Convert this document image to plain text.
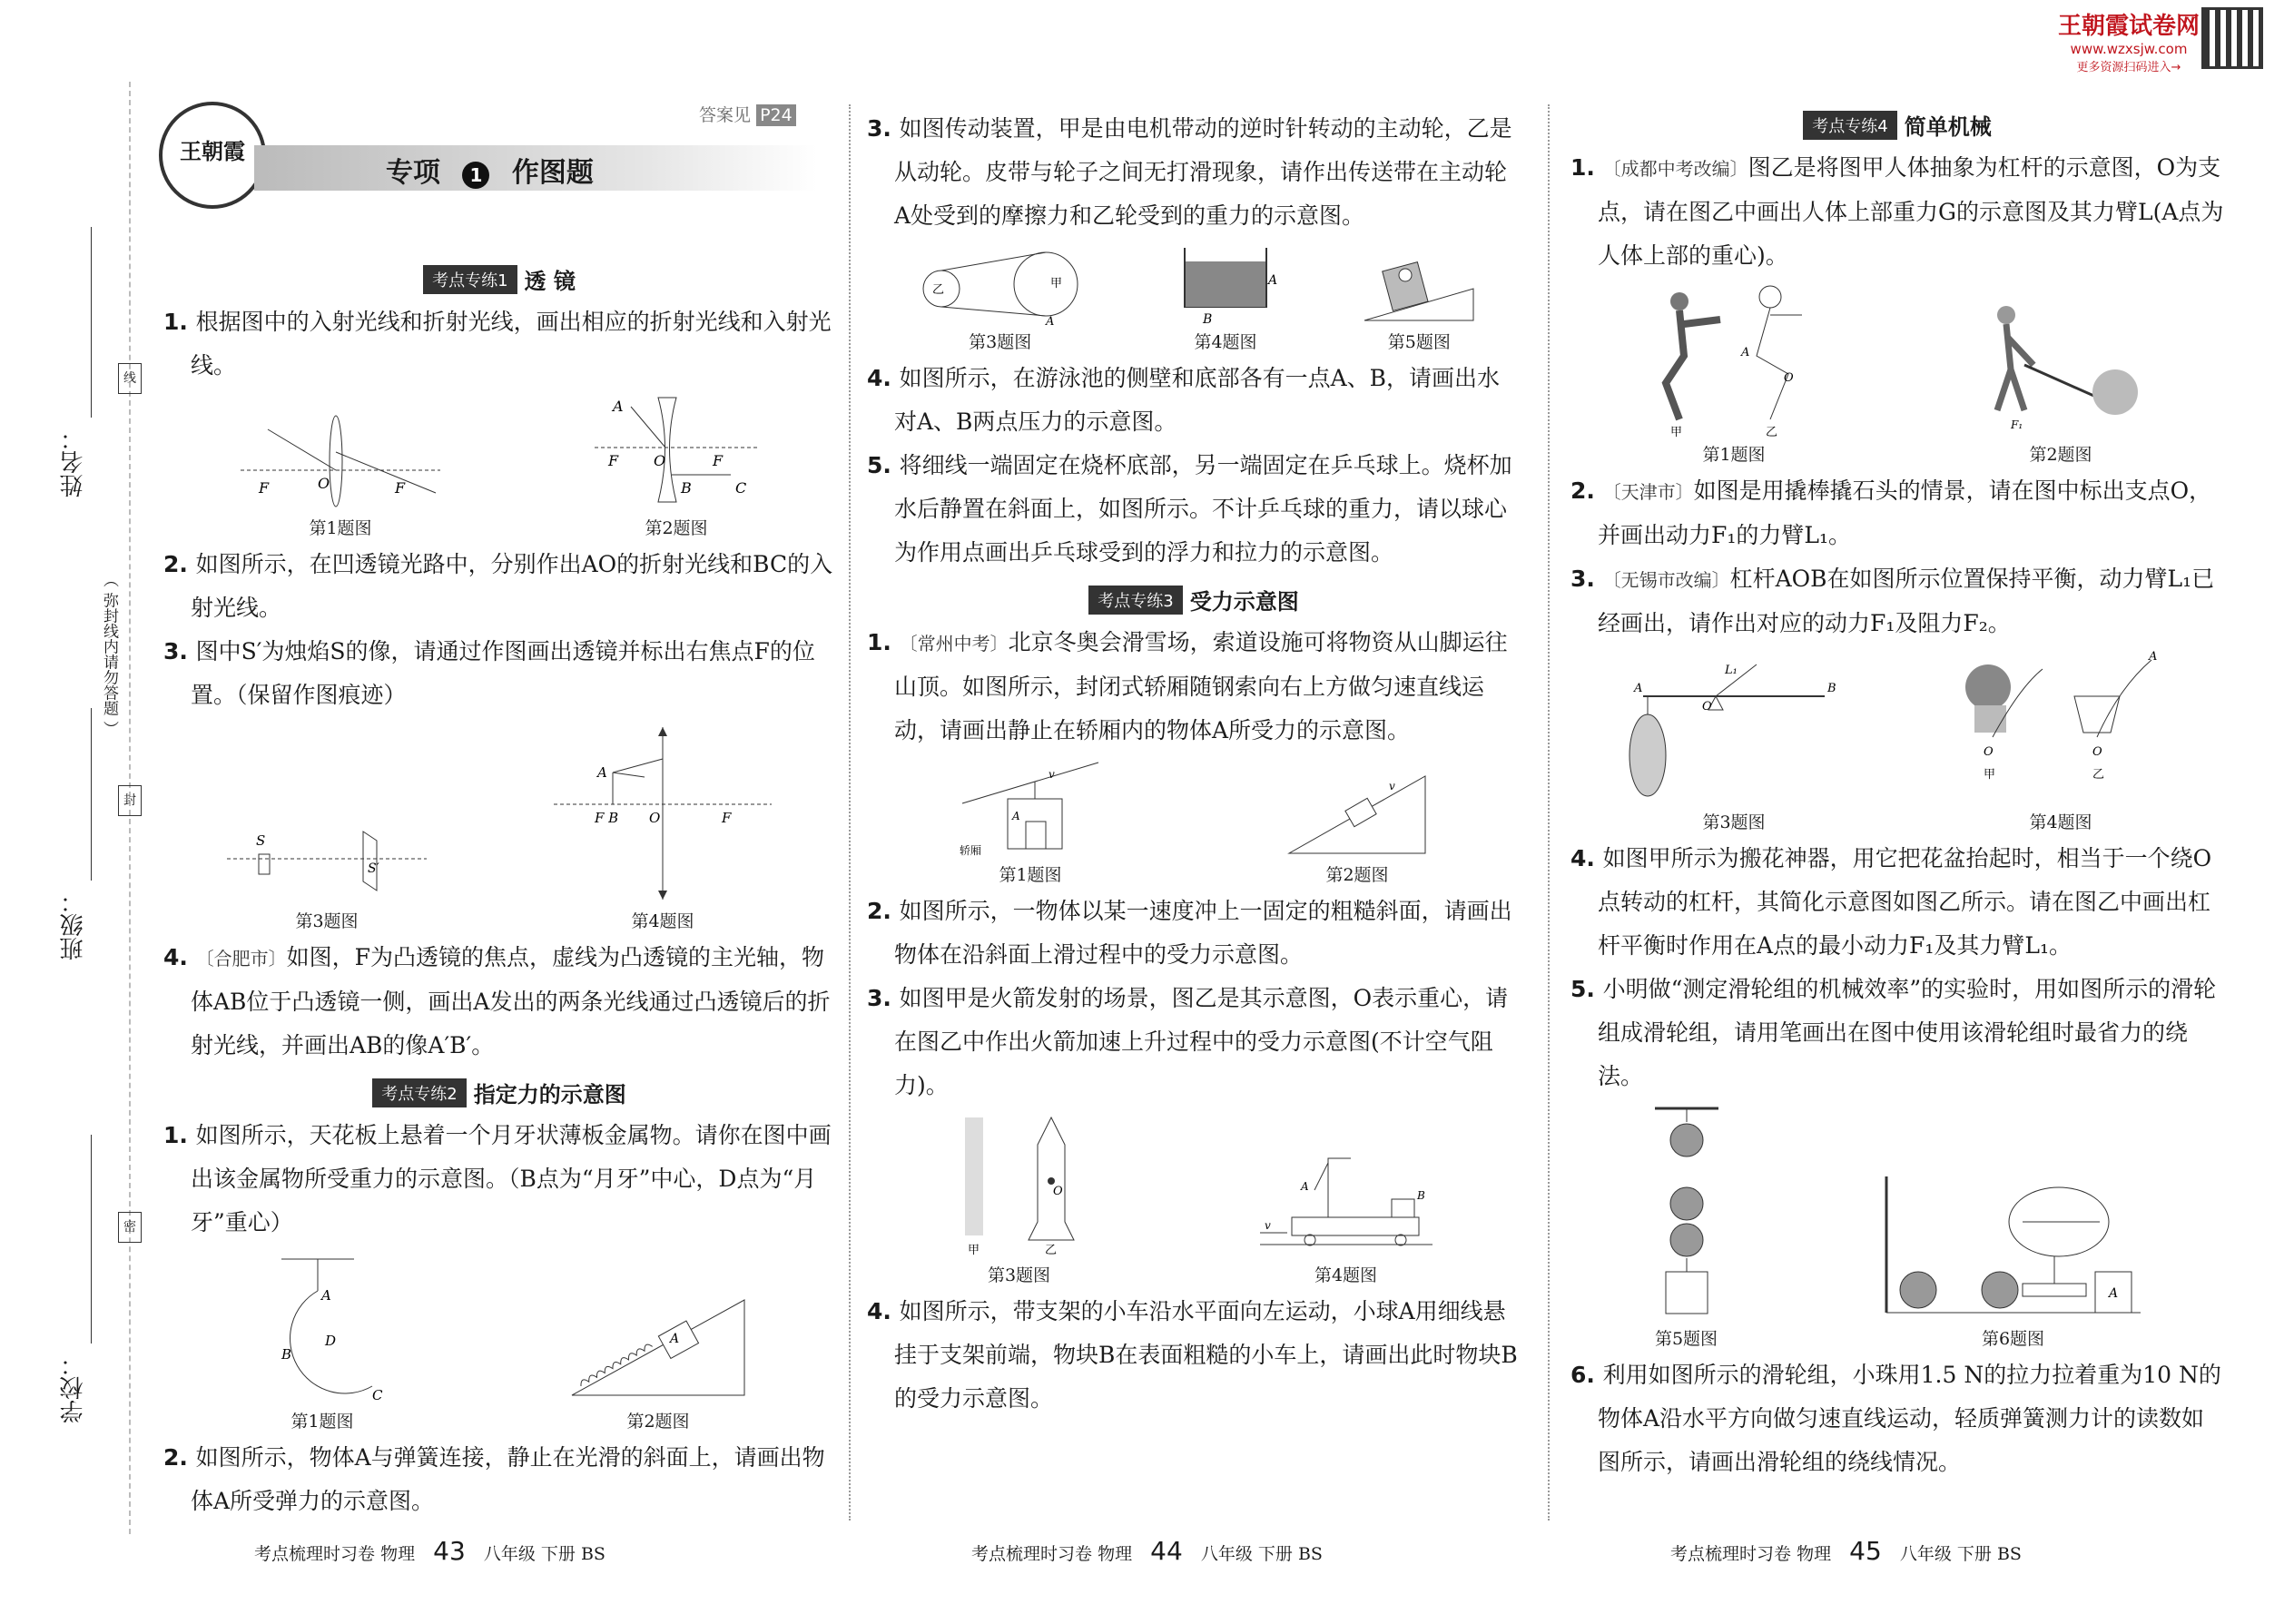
王朝霞试卷网
www.wzxsjw.com
更多资源扫码进入→
姓名：
班级：
学校：
（ 弥封线内请勿答题 ）
线
封
密
王朝霞
答案见 P24
专项 1 作图题
考点专练1 透 镜

1. 根据图中的入射光线和折射光线，画出相应的折射光线和入射光线。

F	O	F
第1题图
A
F O	F
B	C
第2题图

2. 如图所示，在凹透镜光路中，分别作出AO的折射光线和BC的入射光线。

3. 图中S′为烛焰S的像，请通过作图画出透镜并标出右焦点F的位置。（保留作图痕迹）

S
S′
第3题图
A
F B O	F
第4题图

4. 〔合肥市〕如图，F为凸透镜的焦点，虚线为凸透镜的主光轴，物体AB位于凸透镜一侧，画出A发出的两条光线通过凸透镜后的折射光线，并画出AB的像A′B′。

考点专练2 指定力的示意图

1. 如图所示，天花板上悬着一个月牙状薄板金属物。请你在图中画出该金属物所受重力的示意图。（B点为“月牙”中心，D点为“月牙”重心）

A
B
D
C
第1题图
A
第2题图

2. 如图所示，物体A与弹簧连接，静止在光滑的斜面上，请画出物体A所受弹力的示意图。

3. 如图传动装置，甲是由电机带动的逆时针转动的主动轮，乙是从动轮。皮带与轮子之间无打滑现象，请作出传送带在主动轮A处受到的摩擦力和乙轮受到的重力的示意图。

乙	甲
A
第3题图
A
B
第4题图	第5题图

4. 如图所示，在游泳池的侧壁和底部各有一点A、B，请画出水对A、B两点压力的示意图。

5. 将细线一端固定在烧杯底部，另一端固定在乒乓球上。烧杯加水后静置在斜面上，如图所示。不计乒乓球的重力，请以球心为作用点画出乒乓球受到的浮力和拉力的示意图。

考点专练3 受力示意图

1. 〔常州中考〕北京冬奥会滑雪场，索道设施可将物资从山脚运往山顶。如图所示，封闭式轿厢随钢索向右上方做匀速直线运动，请画出静止在轿厢内的物体A所受力的示意图。

A
轿厢
v
第1题图
v
第2题图

2. 如图所示，一物体以某一速度冲上一固定的粗糙斜面，请画出物体在沿斜面上滑过程中的受力示意图。

3. 如图甲是火箭发射的场景，图乙是其示意图，O表示重心，请在图乙中作出火箭加速上升过程中的受力示意图(不计空气阻力)。

O
甲	乙
第3题图
A
B
v
第4题图

4. 如图所示，带支架的小车沿水平面向左运动，小球A用细线悬挂于支架前端，物块B在表面粗糙的小车上，请画出此时物块B的受力示意图。

考点专练4 简单机械

1. 〔成都中考改编〕图乙是将图甲人体抽象为杠杆的示意图，O为支点，请在图乙中画出人体上部重力G的示意图及其力臂L(A点为人体上部的重心)。

A
O
甲	乙
第1题图
F₁
第2题图

2. 〔天津市〕如图是用撬棒撬石头的情景，请在图中标出支点O，并画出动力F₁的力臂L₁。

3. 〔无锡市改编〕杠杆AOB在如图所示位置保持平衡，动力臂L₁已经画出，请作出对应的动力F₁及阻力F₂。

A
O
L₁
B
第3题图
A
O	O
甲	乙
第4题图

4. 如图甲所示为搬花神器，用它把花盆抬起时，相当于一个绕O点转动的杠杆，其简化示意图如图乙所示。请在图乙中画出杠杆平衡时作用在A点的最小动力F₁及其力臂L₁。

5. 小明做“测定滑轮组的机械效率”的实验时，用如图所示的滑轮组成滑轮组，请用笔画出在图中使用该滑轮组时最省力的绕法。

第5题图
A
第6题图

6. 利用如图所示的滑轮组，小珠用1.5 N的拉力拉着重为10 N的物体A沿水平方向做匀速直线运动，轻质弹簧测力计的读数如图所示，请画出滑轮组的绕线情况。

考点梳理时习卷 物理 43 八年级 下册 BS	考点梳理时习卷 物理 44 八年级 下册 BS	考点梳理时习卷 物理 45 八年级 下册 BS
